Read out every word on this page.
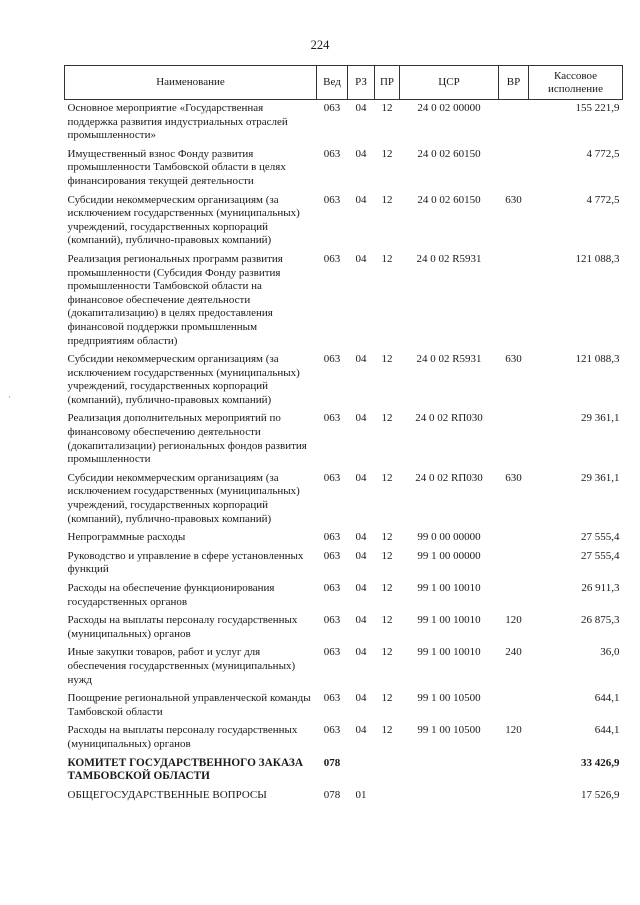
224
·
Наименование	Вед	РЗ	ПР	ЦСР	ВР	Кассовое исполнение
Основное мероприятие «Государственная поддержка развития индустриальных отраслей промышленности»	063	04	12	24 0 02 00000		155 221,9
Имущественный взнос Фонду развития промышленности Тамбовской области в целях финансирования текущей деятельности	063	04	12	24 0 02 60150		4 772,5
Субсидии некоммерческим организациям (за исключением государственных (муниципальных) учреждений, государственных корпораций (компаний), публично-правовых компаний)	063	04	12	24 0 02 60150	630	4 772,5
Реализация региональных программ развития промышленности (Субсидия Фонду развития промышленности Тамбовской области на финансовое обеспечение деятельности (докапитализацию) в целях предоставления финансовой поддержки промышленным предприятиям области)	063	04	12	24 0 02 R5931		121 088,3
Субсидии некоммерческим организациям (за исключением государственных (муниципальных) учреждений, государственных корпораций (компаний), публично-правовых компаний)	063	04	12	24 0 02 R5931	630	121 088,3
Реализация дополнительных мероприятий по финансовому обеспечению деятельности (докапитализации) региональных фондов развития промышленности	063	04	12	24 0 02 RП030		29 361,1
Субсидии некоммерческим организациям (за исключением государственных (муниципальных) учреждений, государственных корпораций (компаний), публично-правовых компаний)	063	04	12	24 0 02 RП030	630	29 361,1
Непрограммные расходы	063	04	12	99 0 00 00000		27 555,4
Руководство и управление в сфере установленных функций	063	04	12	99 1 00 00000		27 555,4
Расходы на обеспечение функционирования государственных органов	063	04	12	99 1 00 10010		26 911,3
Расходы на выплаты персоналу государственных (муниципальных) органов	063	04	12	99 1 00 10010	120	26 875,3
Иные закупки товаров, работ и услуг для обеспечения государственных (муниципальных) нужд	063	04	12	99 1 00 10010	240	36,0
Поощрение региональной управленческой команды Тамбовской области	063	04	12	99 1 00 10500		644,1
Расходы на выплаты персоналу государственных (муниципальных) органов	063	04	12	99 1 00 10500	120	644,1
КОМИТЕТ ГОСУДАРСТВЕННОГО ЗАКАЗА ТАМБОВСКОЙ ОБЛАСТИ	078					33 426,9
ОБЩЕГОСУДАРСТВЕННЫЕ ВОПРОСЫ	078	01				17 526,9
